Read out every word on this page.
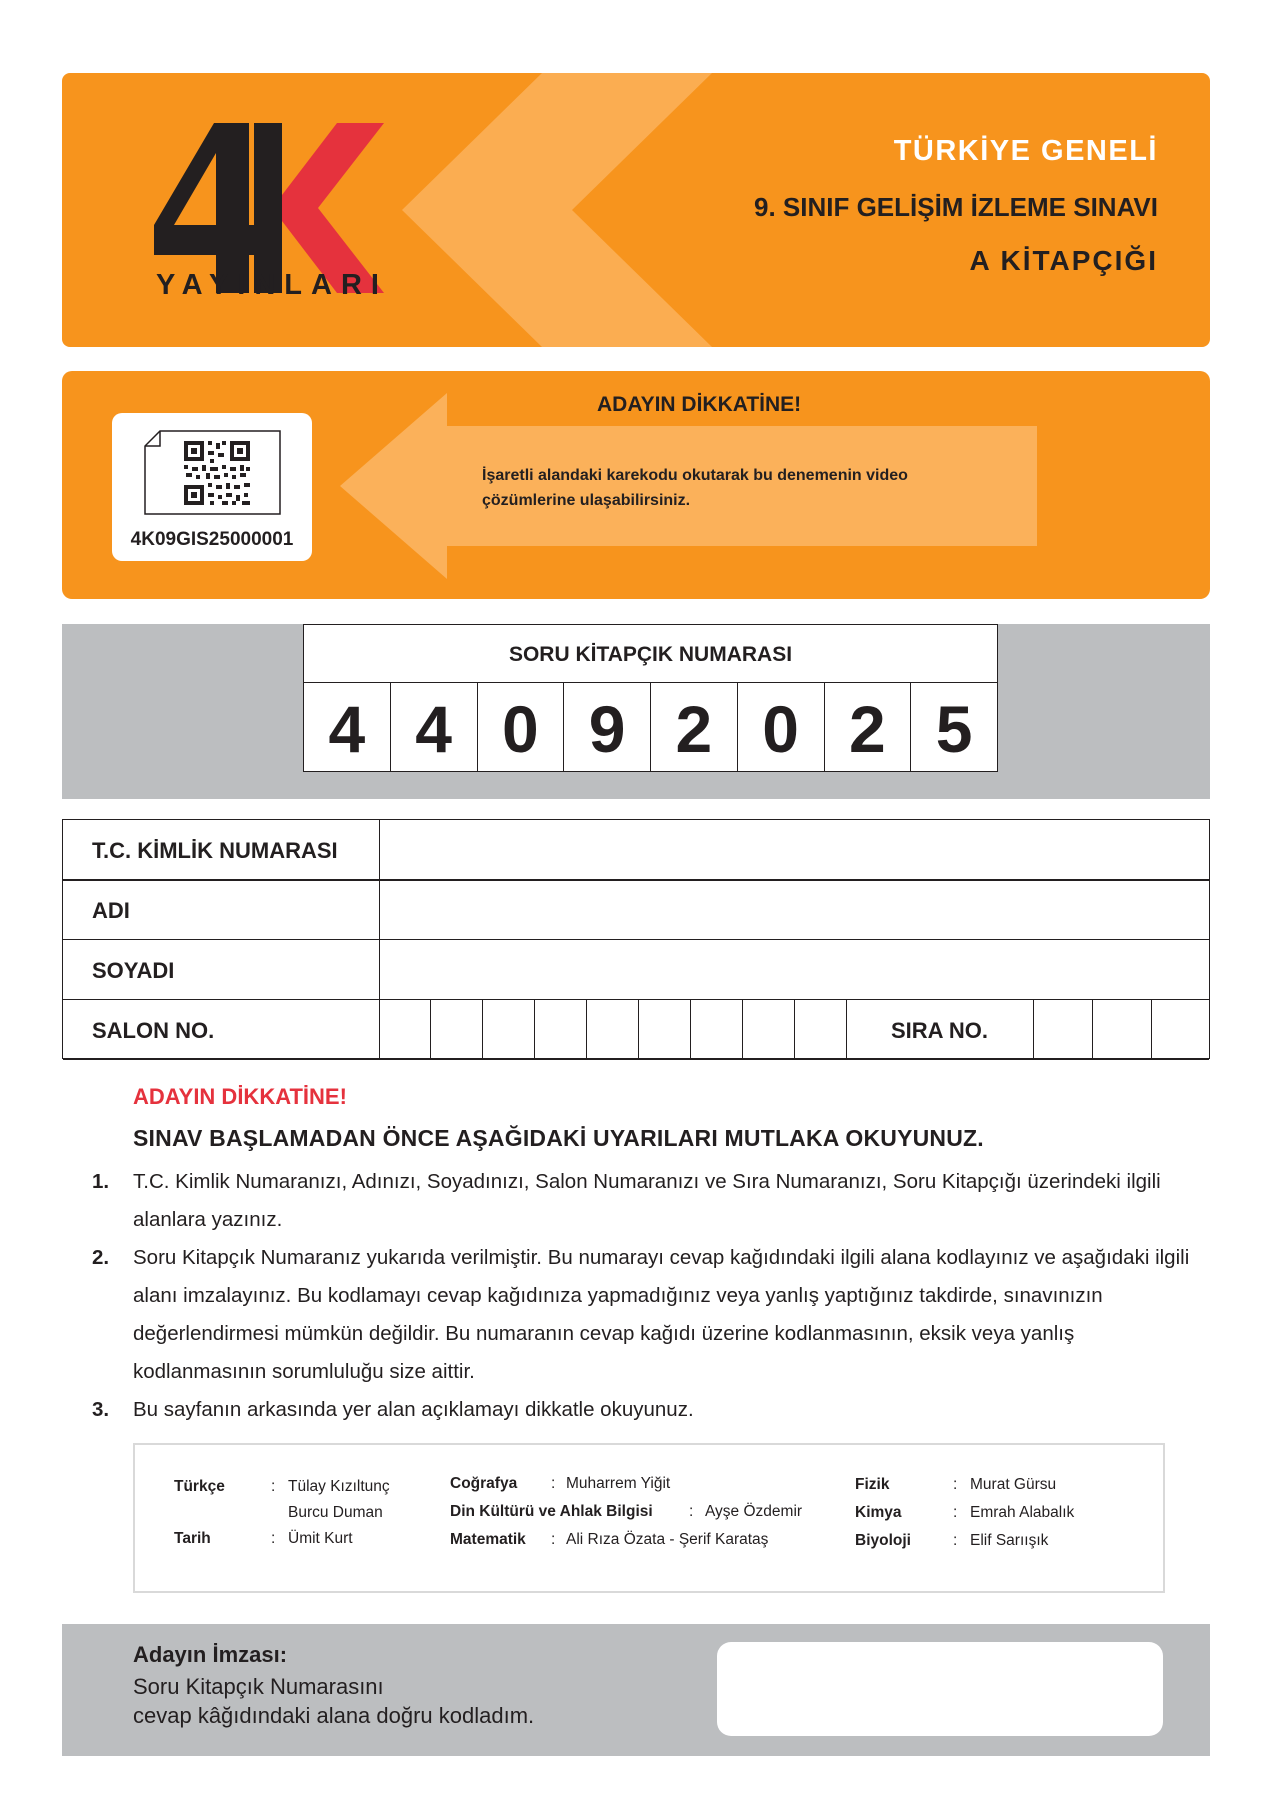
YAYINLARI
TÜRKİYE GENELİ
9. SINIF GELİŞİM İZLEME SINAVI
A KİTAPÇIĞI
ADAYIN DİKKATİNE!
İşaretli alandaki karekodu okutarak bu denemenin video çözümlerine ulaşabilirsiniz.
4K09GIS25000001
SORU KİTAPÇIK NUMARASI
4 4 0 9 2 0 2 5
T.C. KİMLİK NUMARASI
ADI
SOYADI
SALON NO.	SIRA NO.
ADAYIN DİKKATİNE!
SINAV BAŞLAMADAN ÖNCE AŞAĞIDAKİ UYARILARI MUTLAKA OKUYUNUZ.
1. T.C. Kimlik Numaranızı, Adınızı, Soyadınızı, Salon Numaranızı ve Sıra Numaranızı, Soru Kitapçığı üzerindeki ilgili alanlara yazınız.
2. Soru Kitapçık Numaranız yukarıda verilmiştir. Bu numarayı cevap kağıdındaki ilgili alana kodlayınız ve aşağıdaki ilgili alanı imzalayınız. Bu kodlamayı cevap kağıdınıza yapmadığınız veya yanlış yaptığınız takdirde, sınavınızın değerlendirmesi mümkün değildir. Bu numaranın cevap kağıdı üzerine kodlanmasının, eksik veya yanlış kodlanmasının sorumluluğu size aittir.
3. Bu sayfanın arkasında yer alan açıklamayı dikkatle okuyunuz.
Türkçe	: Tülay Kızıltunç
Burcu Duman
Tarih	: Ümit Kurt
Coğrafya : Muharrem Yiğit
Din Kültürü ve Ahlak Bilgisi : Ayşe Özdemir
Matematik : Ali Rıza Özata - Şerif Karataş
Fizik	: Murat Gürsu
Kimya	: Emrah Alabalık
Biyoloji	: Elif Sarıışık
Adayın İmzası:
Soru Kitapçık Numarasını
cevap kâğıdındaki alana doğru kodladım.
